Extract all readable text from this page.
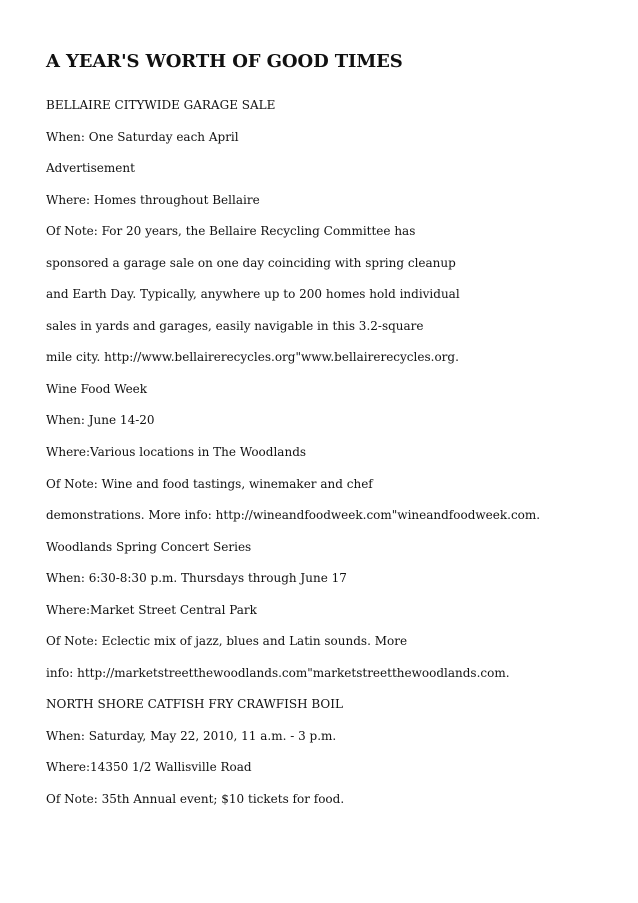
A YEAR'S WORTH OF GOOD TIMES
BELLAIRE CITYWIDE GARAGE SALE
When: One Saturday each April
Advertisement
Where: Homes throughout Bellaire
Of Note: For 20 years, the Bellaire Recycling Committee has
sponsored a garage sale on one day coinciding with spring cleanup
and Earth Day. Typically, anywhere up to 200 homes hold individual
sales in yards and garages, easily navigable in this 3.2-square
mile city. http://www.bellairerecycles.org"www.bellairerecycles.org.
Wine Food Week
When: June 14-20
Where:Various locations in The Woodlands
Of Note: Wine and food tastings, winemaker and chef
demonstrations. More info: http://wineandfoodweek.com"wineandfoodweek.com.
Woodlands Spring Concert Series
When: 6:30-8:30 p.m. Thursdays through June 17
Where:Market Street Central Park
Of Note: Eclectic mix of jazz, blues and Latin sounds. More
info: http://marketstreetthewoodlands.com"marketstreetthewoodlands.com.
NORTH SHORE CATFISH FRY CRAWFISH BOIL
When: Saturday, May 22, 2010, 11 a.m. - 3 p.m.
Where:14350 1/2 Wallisville Road
Of Note: 35th Annual event; $10 tickets for food.
